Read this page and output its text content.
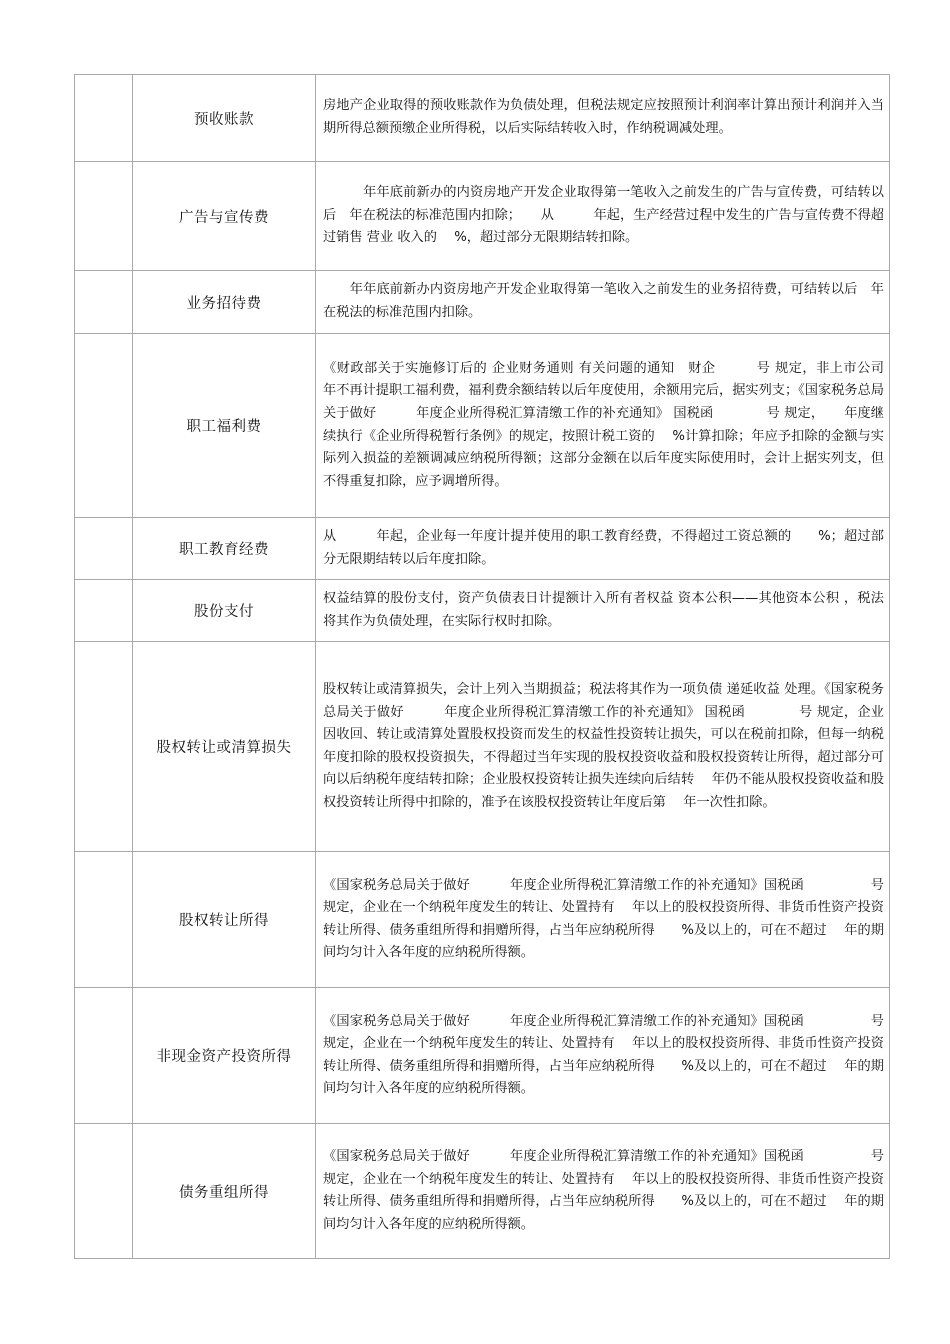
	预收账款	房地产企业取得的预收账款作为负债处理，但税法规定应按照预计利润率计算出预计利润并入当期所得总额预缴企业所得税，以后实际结转收入时，作纳税调减处理。
	广告与宣传费	　　　年年底前新办的内资房地产开发企业取得第一笔收入之前发生的广告与宣传费，可结转以后　年在税法的标准范围内扣除；　　从　　　年起，生产经营过程中发生的广告与宣传费不得超过销售 营业 收入的　 %，超过部分无限期结转扣除。
	业务招待费	　　年年底前新办内资房地产开发企业取得第一笔收入之前发生的业务招待费，可结转以后　年在税法的标准范围内扣除。
	职工福利费	《财政部关于实施修订后的 企业财务通则 有关问题的通知　财企　　　号 规定，非上市公司　　　年不再计提职工福利费，福利费余额结转以后年度使用，余额用完后，据实列支；《国家税务总局关于做好　　　年度企业所得税汇算清缴工作的补充通知》 国税函　　　　号 规定，　　年度继续执行《企业所得税暂行条例》的规定，按照计税工资的　 %计算扣除；年应予扣除的金额与实际列入损益的差额调减应纳税所得额；这部分金额在以后年度实际使用时，会计上据实列支，但不得重复扣除，应予调增所得。
	职工教育经费	从　　　年起，企业每一年度计提并使用的职工教育经费，不得超过工资总额的　　%；超过部分无限期结转以后年度扣除。
	股份支付	权益结算的股份支付，资产负债表日计提额计入所有者权益 资本公积——其他资本公积 ，税法将其作为负债处理，在实际行权时扣除。
	股权转让或清算损失	股权转让或清算损失，会计上列入当期损益；税法将其作为一项负债 递延收益 处理。《国家税务总局关于做好　　　年度企业所得税汇算清缴工作的补充通知》 国税函　　　　号 规定，企业因收回、转让或清算处置股权投资而发生的权益性投资转让损失，可以在税前扣除，但每一纳税年度扣除的股权投资损失，不得超过当年实现的股权投资收益和股权投资转让所得，超过部分可向以后纳税年度结转扣除；企业股权投资转让损失连续向后结转　 年仍不能从股权投资收益和股权投资转让所得中扣除的，准予在该股权投资转让年度后第　 年一次性扣除。
	股权转让所得	《国家税务总局关于做好　　　年度企业所得税汇算清缴工作的补充通知》国税函　　　　　号 规定，企业在一个纳税年度发生的转让、处置持有　 年以上的股权投资所得、非货币性资产投资转让所得、债务重组所得和捐赠所得，占当年应纳税所得　　%及以上的，可在不超过　 年的期间均匀计入各年度的应纳税所得额。
	非现金资产投资所得	《国家税务总局关于做好　　　年度企业所得税汇算清缴工作的补充通知》国税函　　　　　号 规定，企业在一个纳税年度发生的转让、处置持有　 年以上的股权投资所得、非货币性资产投资转让所得、债务重组所得和捐赠所得，占当年应纳税所得　　%及以上的，可在不超过　 年的期间均匀计入各年度的应纳税所得额。
	债务重组所得	《国家税务总局关于做好　　　年度企业所得税汇算清缴工作的补充通知》国税函　　　　　号 规定，企业在一个纳税年度发生的转让、处置持有　 年以上的股权投资所得、非货币性资产投资转让所得、债务重组所得和捐赠所得，占当年应纳税所得　　%及以上的，可在不超过　 年的期间均匀计入各年度的应纳税所得额。
